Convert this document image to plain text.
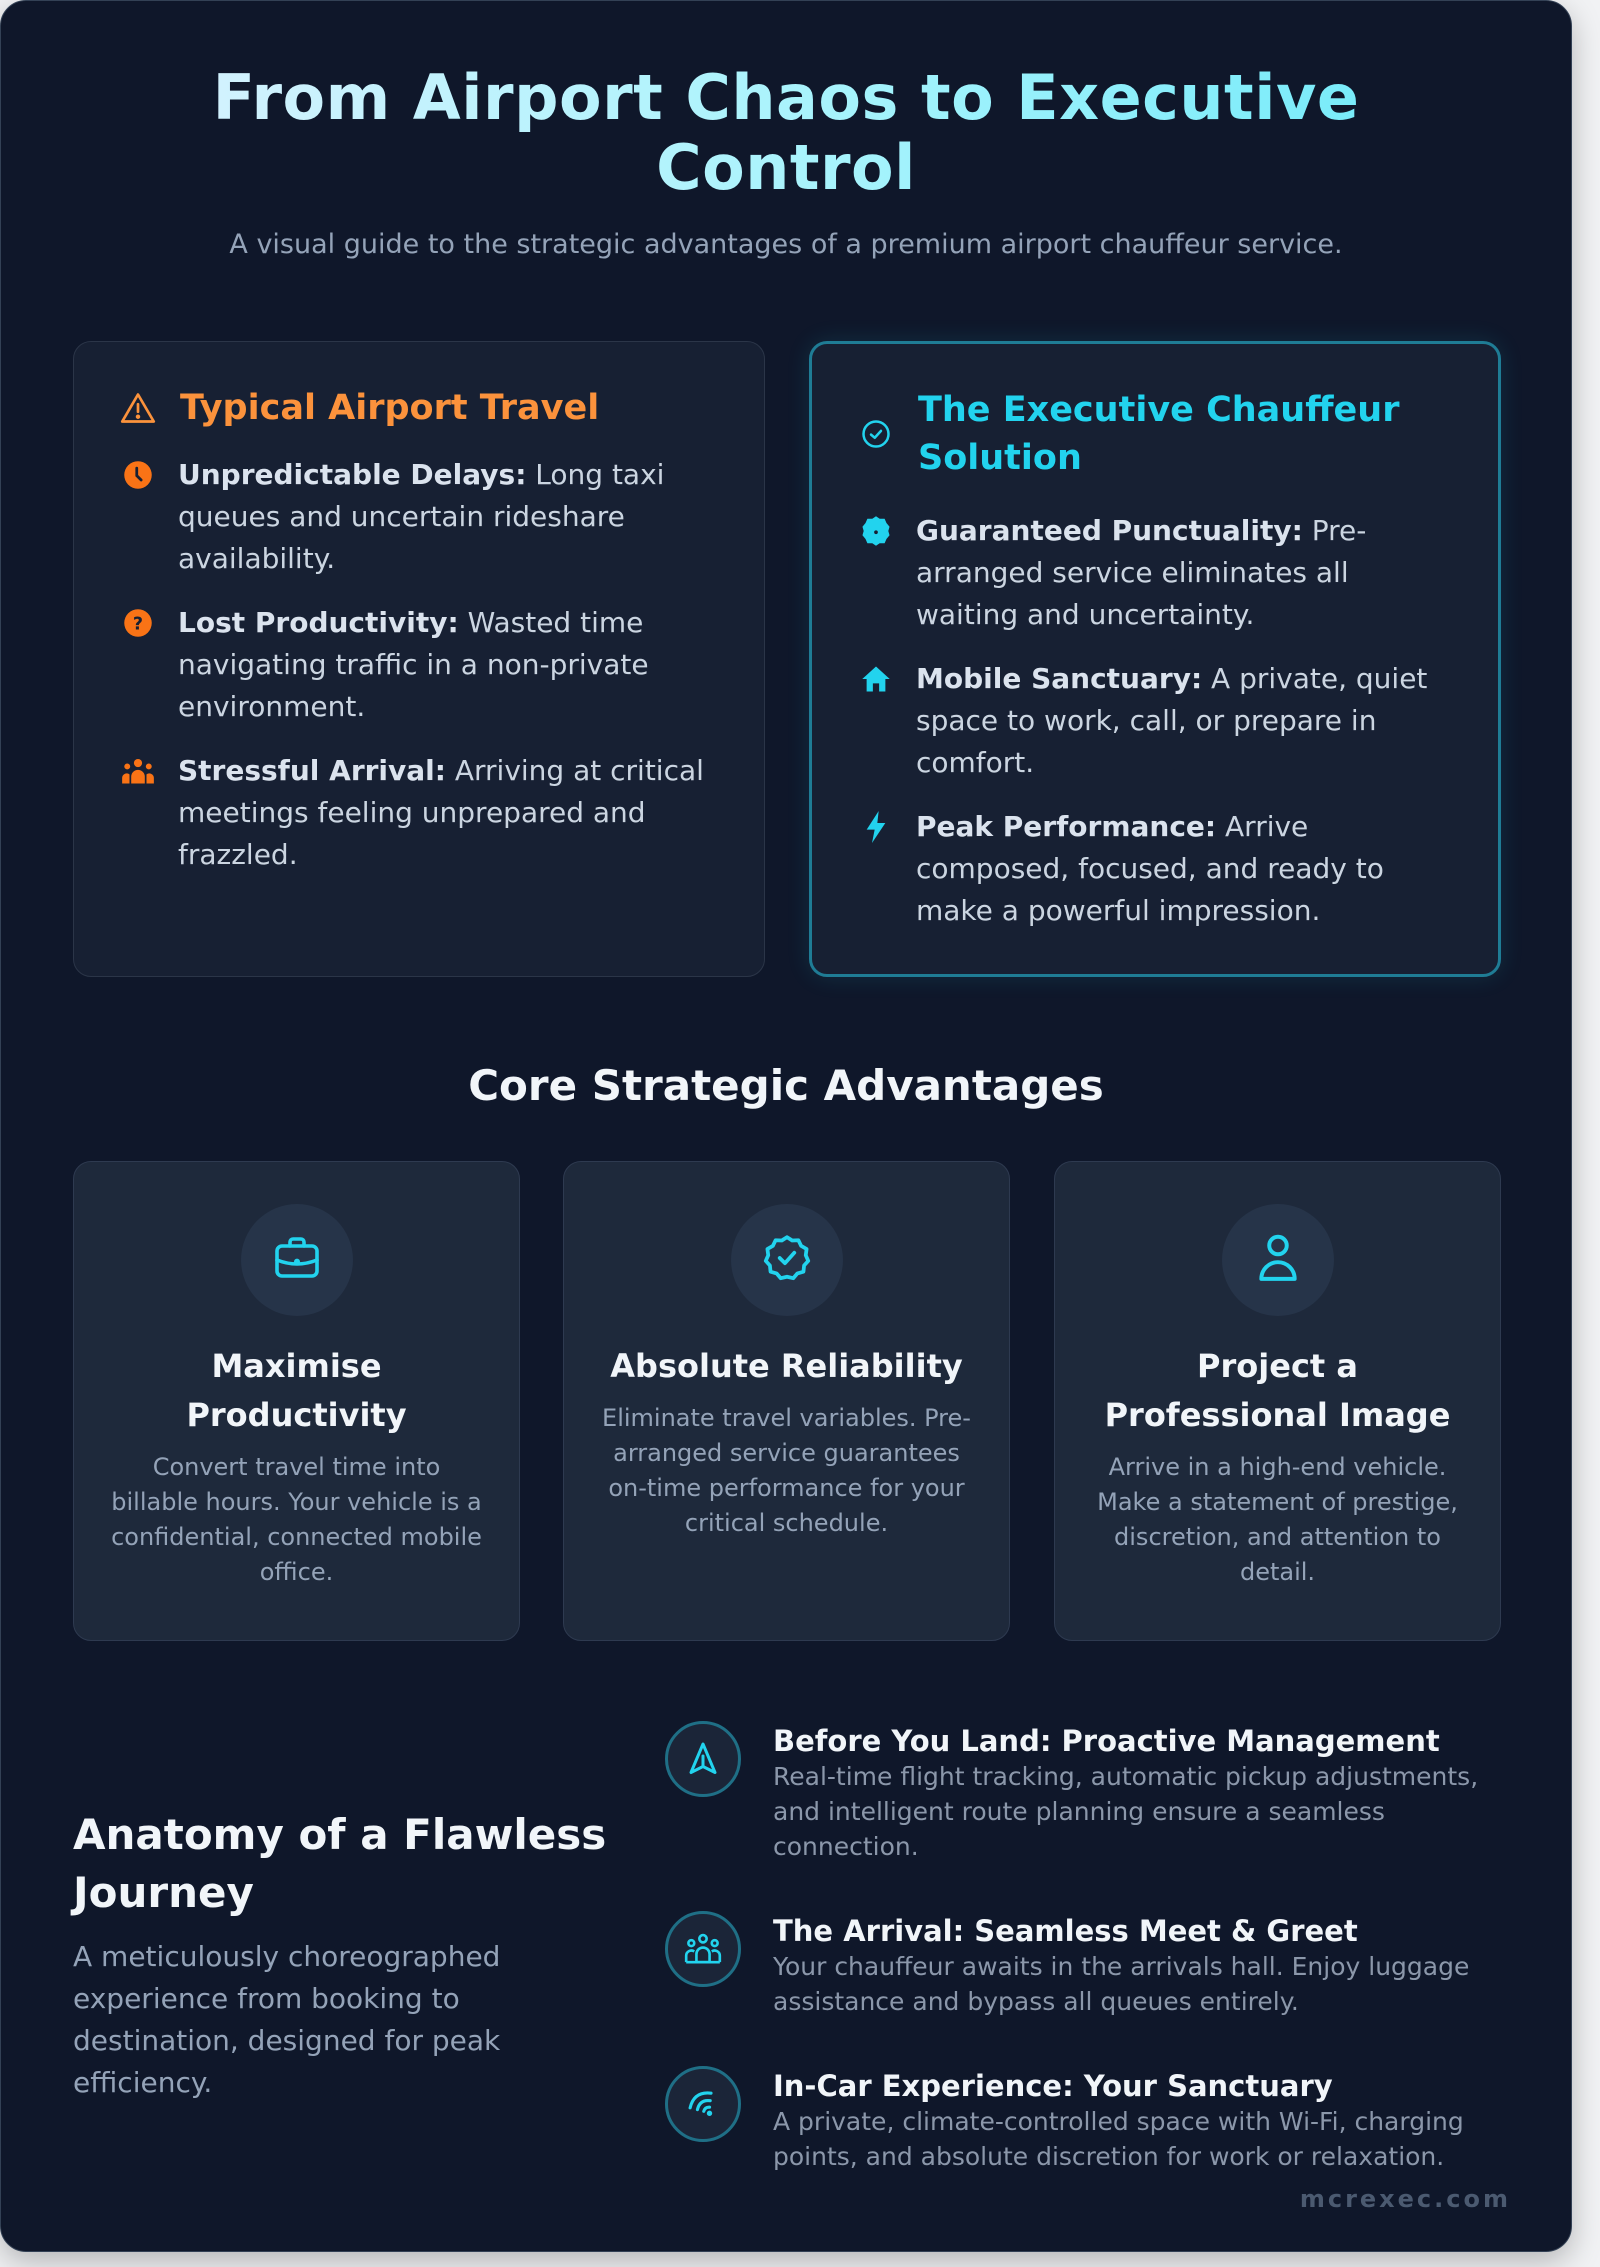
From Airport Chaos to Executive Control

A visual guide to the strategic advantages of a premium airport chauffeur service.

Typical Airport Travel
Unpredictable Delays: Long taxi queues and uncertain rideshare availability.
? Lost Productivity: Wasted time navigating traffic in a non-private environment.
Stressful Arrival: Arriving at critical meetings feeling unprepared and frazzled.
The Executive Chauffeur Solution
Guaranteed Punctuality: Pre-arranged service eliminates all waiting and uncertainty.
Mobile Sanctuary: A private, quiet space to work, call, or prepare in comfort.
Peak Performance: Arrive composed, focused, and ready to make a powerful impression.
Core Strategic Advantages
Maximise Productivity

Convert travel time into billable hours. Your vehicle is a confidential, connected mobile office.

Absolute Reliability

Eliminate travel variables. Pre-arranged service guarantees on-time performance for your critical schedule.

Project a Professional Image

Arrive in a high-end vehicle. Make a statement of prestige, discretion, and attention to detail.

Anatomy of a Flawless Journey

A meticulously choreographed experience from booking to destination, designed for peak efficiency.

Before You Land: Proactive Management

Real-time flight tracking, automatic pickup adjustments, and intelligent route planning ensure a seamless connection.

The Arrival: Seamless Meet & Greet

Your chauffeur awaits in the arrivals hall. Enjoy luggage assistance and bypass all queues entirely.

In-Car Experience: Your Sanctuary

A private, climate-controlled space with Wi-Fi, charging points, and absolute discretion for work or relaxation.

mcrexec.com
